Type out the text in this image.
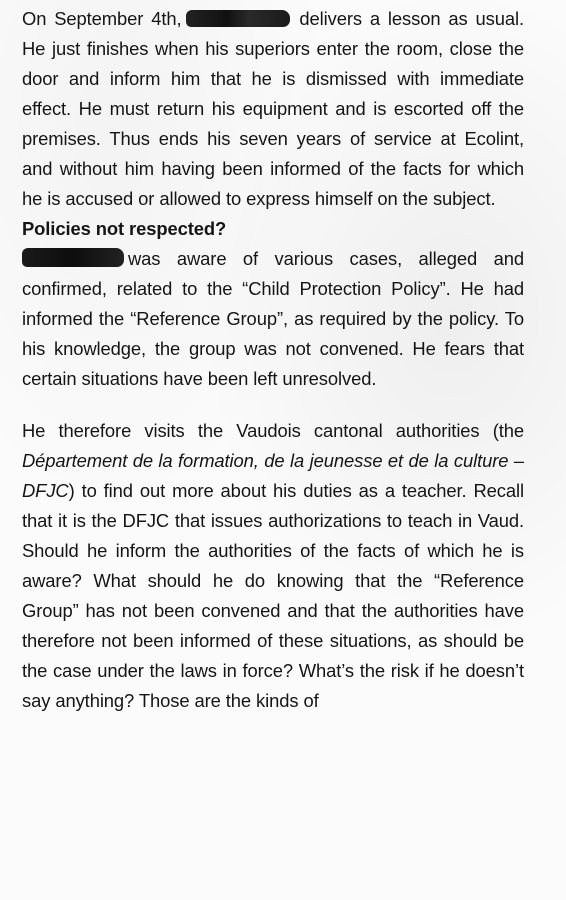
On September 4th,	delivers a lesson as usual. He just finishes when his superiors enter the room, close the door and inform him that he is dismissed with immediate effect. He must return his equipment and is escorted off the premises. Thus ends his seven years of service at Ecolint, and without him having been informed of the facts for which he is accused or allowed to express himself on the subject.

Policies not respected?

was aware of various cases, alleged and confirmed, related to the “Child Protection Policy”. He had informed the “Reference Group”, as required by the policy. To his knowledge, the group was not convened. He fears that certain situations have been left unresolved.

He therefore visits the Vaudois cantonal authorities (the Département de la formation, de la jeunesse et de la culture – DFJC) to find out more about his duties as a teacher. Recall that it is the DFJC that issues authorizations to teach in Vaud. Should he inform the authorities of the facts of which he is aware? What should he do knowing that the “Reference Group” has not been convened and that the authorities have therefore not been informed of these situations, as should be the case under the laws in force? What’s the risk if he doesn’t say anything? Those are the kinds of
